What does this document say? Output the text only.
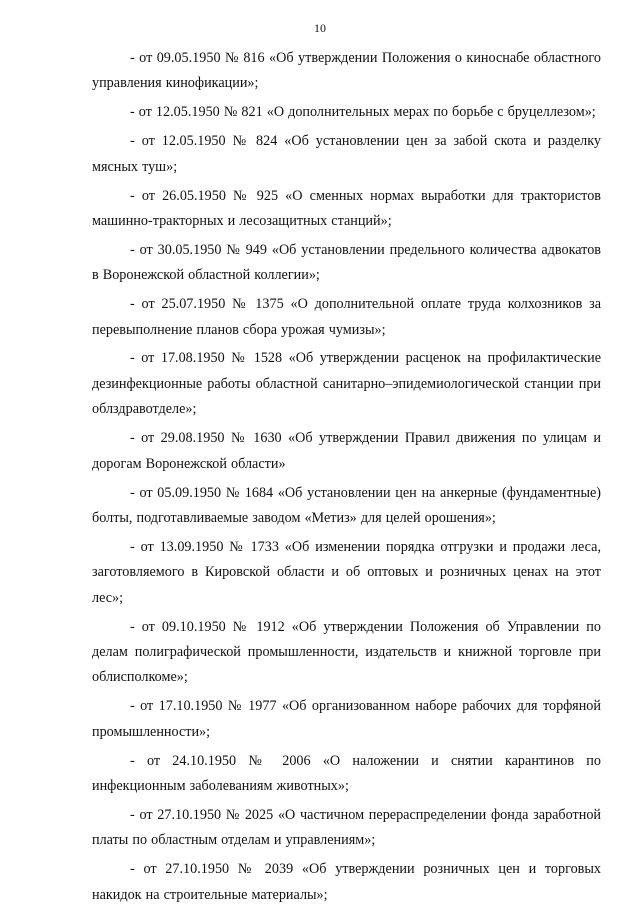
10

- от 09.05.1950 № 816 «Об утверждении Положения о киноснабе областного управления кинофикации»;

- от 12.05.1950 № 821 «О дополнительных мерах по борьбе с бруцеллезом»;

- от 12.05.1950 № 824 «Об установлении цен за забой скота и разделку мясных туш»;

- от 26.05.1950 № 925 «О сменных нормах выработки для трактористов машинно-тракторных и лесозащитных станций»;

- от 30.05.1950 № 949 «Об установлении предельного количества адвокатов в Воронежской областной коллегии»;

- от 25.07.1950 № 1375 «О дополнительной оплате труда колхозников за перевыполнение планов сбора урожая чумизы»;

- от 17.08.1950 № 1528 «Об утверждении расценок на профилактические дезинфекционные работы областной санитарно–эпидемиологической станции при облздравотделе»;

- от 29.08.1950 № 1630 «Об утверждении Правил движения по улицам и дорогам Воронежской области»

- от 05.09.1950 № 1684 «Об установлении цен на анкерные (фундаментные) болты, подготавливаемые заводом «Метиз» для целей орошения»;

- от 13.09.1950 № 1733 «Об изменении порядка отгрузки и продажи леса, заготовляемого в Кировской области и об оптовых и розничных ценах на этот лес»;

- от 09.10.1950 № 1912 «Об утверждении Положения об Управлении по делам полиграфической промышленности, издательств и книжной торговле при облисполкоме»;

- от 17.10.1950 № 1977 «Об организованном наборе рабочих для торфяной промышленности»;

- от 24.10.1950 № 2006 «О наложении и снятии карантинов по инфекционным заболеваниям животных»;

- от 27.10.1950 № 2025 «О частичном перераспределении фонда заработной платы по областным отделам и управлениям»;

- от 27.10.1950 № 2039 «Об утверждении розничных цен и торговых накидок на строительные материалы»;
